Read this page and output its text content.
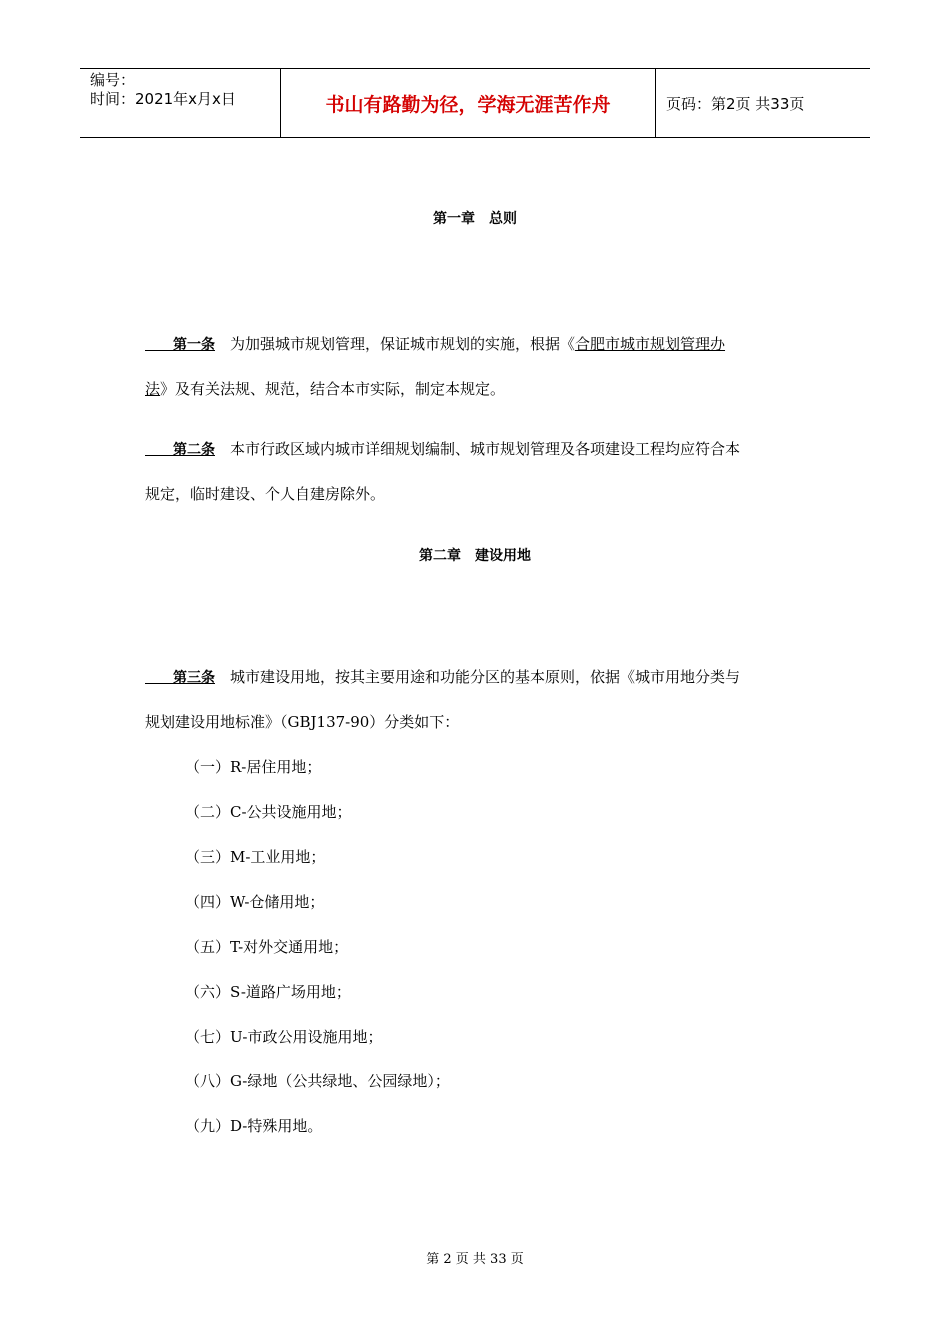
编号：
时间：2021年x月x日	书山有路勤为径，学海无涯苦作舟	页码：第2页 共33页
第一章　总则
　　第一条　为加强城市规划管理，保证城市规划的实施，根据《合肥市城市规划管理办
法》及有关法规、规范，结合本市实际，制定本规定。
　　第二条　本市行政区域内城市详细规划编制、城市规划管理及各项建设工程均应符合本
规定，临时建设、个人自建房除外。
第二章　建设用地
　　第三条　城市建设用地，按其主要用途和功能分区的基本原则，依据《城市用地分类与
规划建设用地标准》（GBJ137-90）分类如下：
（一）R-居住用地；
（二）C-公共设施用地；
（三）M-工业用地；
（四）W-仓储用地；
（五）T-对外交通用地；
（六）S-道路广场用地；
（七）U-市政公用设施用地；
（八）G-绿地（公共绿地、公园绿地）；
（九）D-特殊用地。
第 2 页 共 33 页
